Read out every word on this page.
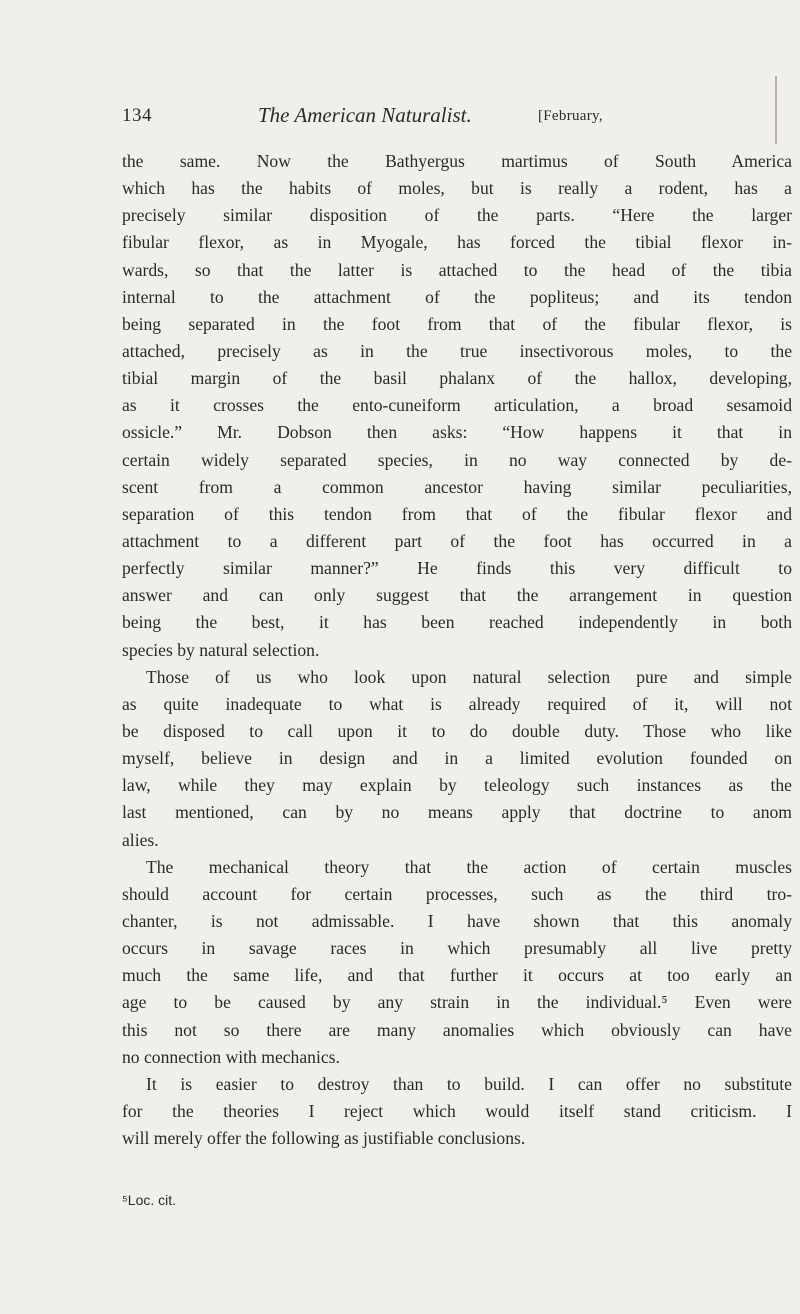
134	The American Naturalist.	[February,
the same. Now the Bathyergus martimus of South America
which has the habits of moles, but is really a rodent, has a
precisely similar disposition of the parts. “Here the larger
fibular flexor, as in Myogale, has forced the tibial flexor in-
wards, so that the latter is attached to the head of the tibia
internal to the attachment of the popliteus; and its tendon
being separated in the foot from that of the fibular flexor, is
attached, precisely as in the true insectivorous moles, to the
tibial margin of the basil phalanx of the hallox, developing,
as it crosses the ento-cuneiform articulation, a broad sesamoid
ossicle.” Mr. Dobson then asks: “How happens it that in
certain widely separated species, in no way connected by de-
scent from a common ancestor having similar peculiarities,
separation of this tendon from that of the fibular flexor and
attachment to a different part of the foot has occurred in a
perfectly similar manner?” He finds this very difficult to
answer and can only suggest that the arrangement in question
being the best, it has been reached independently in both
species by natural selection.
Those of us who look upon natural selection pure and simple
as quite inadequate to what is already required of it, will not
be disposed to call upon it to do double duty. Those who like
myself, believe in design and in a limited evolution founded on
law, while they may explain by teleology such instances as the
last mentioned, can by no means apply that doctrine to anom
alies.
The mechanical theory that the action of certain muscles
should account for certain processes, such as the third tro-
chanter, is not admissable. I have shown that this anomaly
occurs in savage races in which presumably all live pretty
much the same life, and that further it occurs at too early an
age to be caused by any strain in the individual.⁵ Even were
this not so there are many anomalies which obviously can have
no connection with mechanics.
It is easier to destroy than to build. I can offer no substitute
for the theories I reject which would itself stand criticism. I
will merely offer the following as justifiable conclusions.
⁵Loc. cit.
